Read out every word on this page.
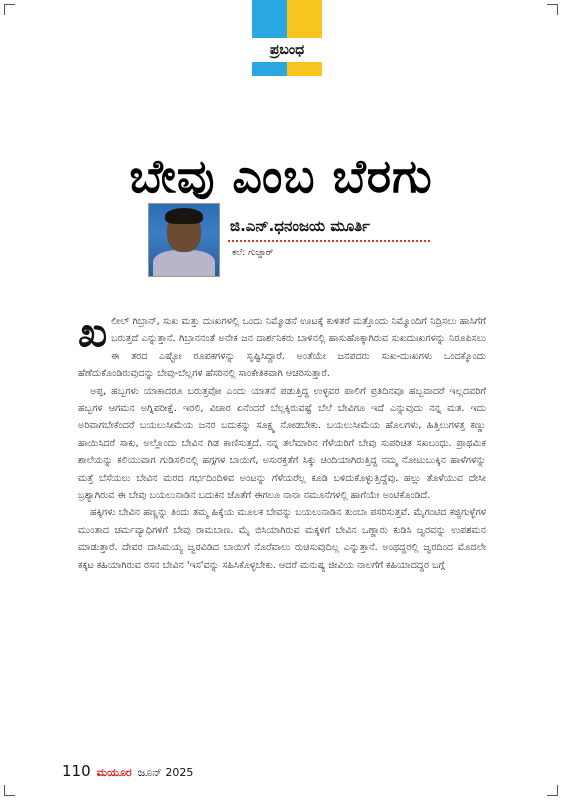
ಪ್ರಬಂಧ
ಬೇವು ಎಂಬ ಬೆರಗು
ಜಿ.ಎನ್.ಧನಂಜಯ ಮೂರ್ತಿ
ಕಲೆ: ಗುಜ್ಜಾರ್

ಖಲೀಲ್ ಗಿಬ್ರಾನ್, ಸುಖ ಮತ್ತು ದುಃಖಗಳಲ್ಲಿ ಒಂದು ನಿಮ್ಮೊಡನೆ ಊಟಕ್ಕೆ ಕುಳಿತರೆ ಮತ್ತೊಂದು ನಿಮ್ಮೊಂದಿಗೆ ನಿದ್ರಿಸಲು ಹಾಸಿಗೆಗೆ ಬರುತ್ತದೆ ಎನ್ನುತ್ತಾನೆ. ಗಿಬ್ರಾನನಂತೆ ಅನೇಕ ಜನ ದಾರ್ಶನಿಕರು ಬಾಳಿನಲ್ಲಿ ಹಾಸುಹೊಕ್ಕಾಗಿರುವ ಸುಖದುಃಖಗಳನ್ನು ನಿರೂಪಿಸಲು ಈ ತರದ ಎಷ್ಟೋ ರೂಪಕಗಳನ್ನು ಸೃಷ್ಟಿಸಿದ್ದಾರೆ. ಅಂತೆಯೇ ಜನಪದರು ಸುಖ-ದುಃಖಗಳು ಒಂದಕ್ಕೊಂದು ಹೆಣೆದುಕೊಂಡಿರುವುದನ್ನು ಬೇವು-ಬೆಲ್ಲಗಳ ಹೆಸರಿನಲ್ಲಿ ಸಾಂಕೇತಿಕವಾಗಿ ಆಚರಿಸುತ್ತಾರೆ.

ಅಪ್ಪ, ಹಬ್ಬಗಳು ಯಾಕಾದರೂ ಬರುತ್ತವೋ ಎಂದು ಯಾತನೆ ಪಡುತ್ತಿದ್ದ ಉಳ್ಳವರ ಪಾಲಿಗೆ ಪ್ರತಿದಿನವೂ ಹಬ್ಬವಾದರೆ ಇಲ್ಲದವರಿಗೆ ಹಬ್ಬಗಳ ಆಗಮನ ಅಗ್ನಿಪರೀಕ್ಷೆ. ಇರಲಿ, ವಿಚಾರ ಏನೆಂದರೆ ಬೆಲ್ಲಕ್ಕಿರುವಷ್ಟೆ ಬೆಲೆ ಬೇವಿಗೂ ಇದೆ ಎನ್ನುವುದು ನನ್ನ ಮತ. ಇದು ಅರಿವಾಗಬೇಕೆಂದರೆ ಬಯಲುಸೀಮೆಯ ಜನರ ಬದುಕನ್ನು ಸೂಕ್ಷ್ಮ ನೋಡಬೇಕು. ಬಯಲುಸೀಮೆಯ ಹೊಲಗಳು, ಹಿತ್ತಿಲುಗಳತ್ತ ಕಣ್ಣು ಹಾಯಿಸಿದರೆ ಸಾಕು, ಅಲ್ಲೊಂದು ಬೇವಿನ ಗಿಡ ಕಾಣಿಸುತ್ತದೆ. ನನ್ನ ತಲೆಮಾರಿನ ಗೆಳೆಯರಿಗೆ ಬೇವು ಸುಪರಿಚಿತ ಸಖಬಂಧು. ಪ್ರಾಥಮಿಕ ಶಾಲೆಯನ್ನು ಕಲಿಯುವಾಗ ಗುಡಿಸಲಿನಲ್ಲಿ ಹಗ್ಗಗಳ ಬಾಯಿಗೆ, ಅಸುರಕ್ತತೆಗೆ ಸಿಕ್ಕು ಚಿಂದಿಯಾಗಿರುತ್ತಿದ್ದ ನಮ್ಮ ನೋಟುಬುಕ್ಕಿನ ಹಾಳೆಗಳನ್ನು ಮತ್ತೆ ಬೆಸೆಯಲು ಬೇವಿನ ಮರದ ಗರ್ಭದಿಂದಿಳಿವ ಅಂಟನ್ನು ಗೆಳೆಯರೆಲ್ಲ ಕೂಡಿ ಬಳಿದುಕೊಳ್ಳುತ್ತಿದ್ದೆವು. ಹಲ್ಲು ತೊಳೆಯುವ ದೇಸೀ ಬ್ರಶ್ಯಾಗಿರುವ ಈ ಬೇವು ಬಯಲುನಾಡಿನ ಬದುಕಿನ ಜೊತೆಗೆ ಈಗಲೂ ನಾನಾ ನಮೂನೆಗಳಲ್ಲಿ ಹಾಗೆಯೇ ಅಂಟಿಕೊಂಡಿದೆ.

ಹಕ್ಕಿಗಳು ಬೇವಿನ ಹಣ್ಣನ್ನು ತಿಂದು ತಮ್ಮ ಹಿಕ್ಕೆಯ ಮೂಲಕ ಬೇವನ್ನು ಬಯಲುನಾಡಿನ ತುಂಬಾ ಪಸರಿಸುತ್ತವೆ. ಮೈಗಂಟಿದ ಕಜ್ಜಿಗುಳ್ಳೆಗಳ ಮುಂತಾದ ಚರ್ಮವ್ಯಾಧಿಗಳಿಗೆ ಬೇವು ರಾಮಬಾಣ. ಮೈ ಬಿಸಿಯಾಗಿರುವ ಮಕ್ಕಳಿಗೆ ಬೇವಿನ ಒಣ್ಣಾರು ಕುಡಿಸಿ ಜ್ವರವನ್ನು ಉಪಶಮನ ಮಾಡುತ್ತಾರೆ. ದೇವರ ದಾಸಿಮಯ್ಯ ಜ್ವರವಿಡಿದ ಬಾಯಿಗೆ ನೊರೆವಾಲು ರುಚಿಸುವುದಿಲ್ಲ ಎನ್ನುತ್ತಾನೆ. ಅಂಥದ್ದರಲ್ಲಿ ಜ್ವರದಿಂದ ಮೊದಲೇ ಕಕ್ಕಟ ಕಹಿಯಾಗಿರುವ ರಸನ ಬೇವಿನ 'ಇಸ'ವನ್ನು ಸಹಿಸಿಕೊಳ್ಳಬೇಕು. ಆದರೆ ಮನುಷ್ಯ ಜೀವಿಯ ನಾಲಗೆಗೆ ಕಹಿಯಾದದ್ದರ ಬಗ್ಗೆ

110 ಮಯೂರ ಜೂನ್ 2025
